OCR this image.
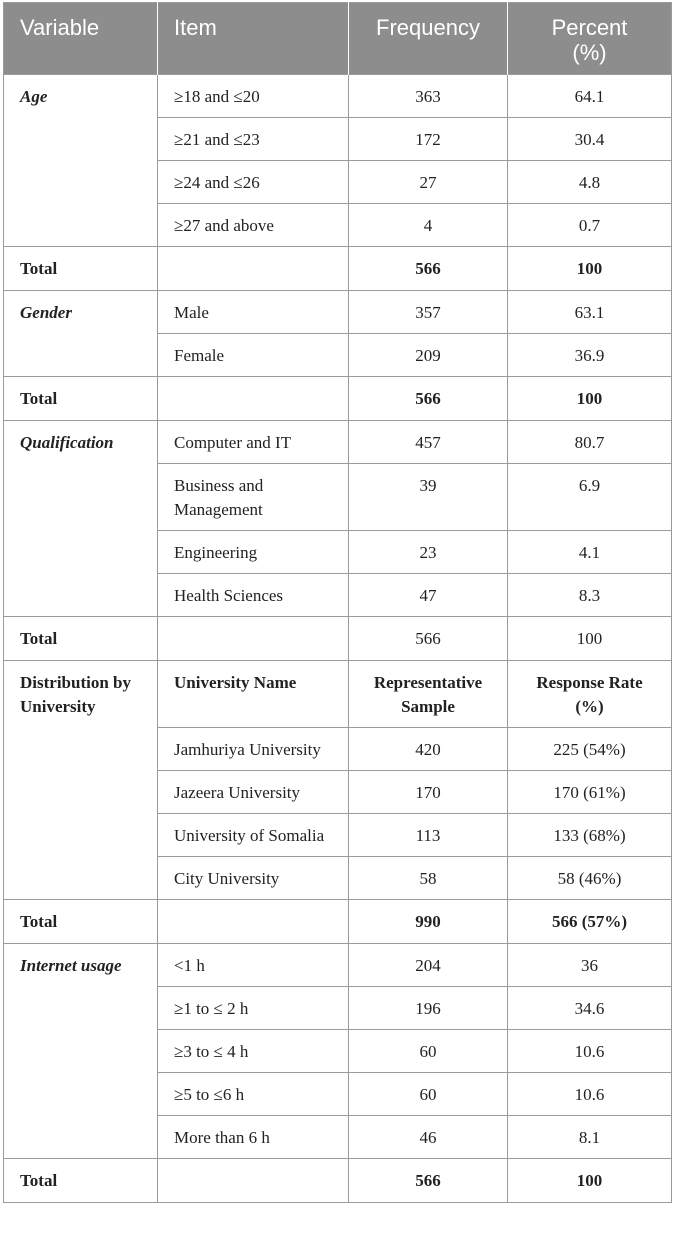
Variable	Item	Frequency	Percent (%)
Age	≥18 and ≤20	363	64.1
	≥21 and ≤23	172	30.4
	≥24 and ≤26	27	4.8
	≥27 and above	4	0.7
Total		566	100
Gender	Male	357	63.1
	Female	209	36.9
Total		566	100
Qualification	Computer and IT	457	80.7
	Business and Management	39	6.9
	Engineering	23	4.1
	Health Sciences	47	8.3
Total		566	100
Distribution by University	University Name	Representative Sample	Response Rate (%)
	Jamhuriya University	420	225 (54%)
	Jazeera University	170	170 (61%)
	University of Somalia	113	133 (68%)
	City University	58	58 (46%)
Total		990	566 (57%)
Internet usage	<1 h	204	36
	≥1 to ≤ 2 h	196	34.6
	≥3 to ≤ 4 h	60	10.6
	≥5 to ≤6 h	60	10.6
	More than 6 h	46	8.1
Total		566	100
